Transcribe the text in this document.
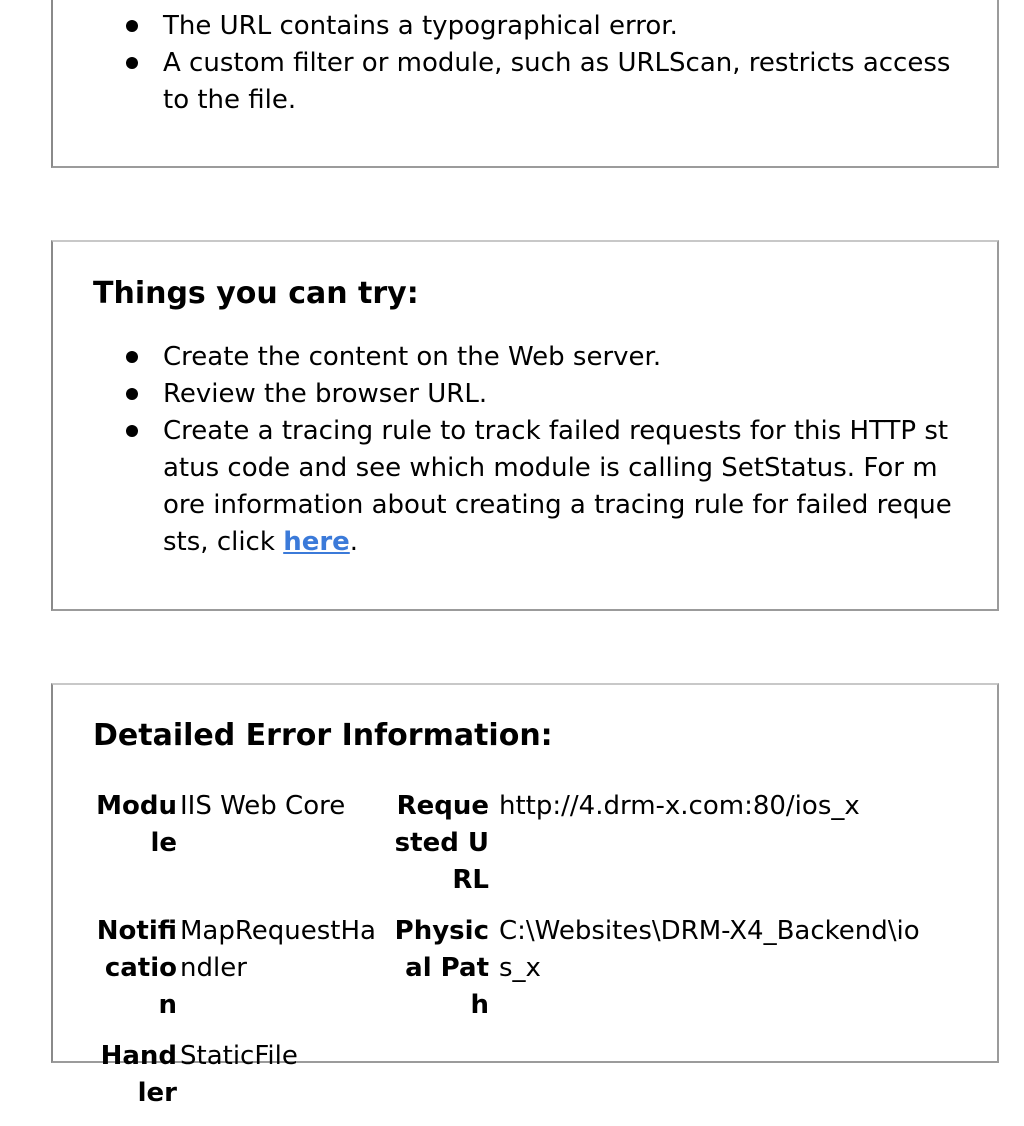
The URL contains a typographical error.
A custom filter or module, such as URLScan, restricts access to the file.
Things you can try:
Create the content on the Web server.
Review the browser URL.
Create a tracing rule to track failed requests for this HTTP status code and see which module is calling SetStatus. For more information about creating a tracing rule for failed requests, click here.
Detailed Error Information:
Module	IIS Web Core	Requested URL	http://4.drm-x.com:80/ios_x
Notification	MapRequestHandler	Physical Path	C:\Websites\DRM-X4_Backend\ios_x
Handler	StaticFile		
